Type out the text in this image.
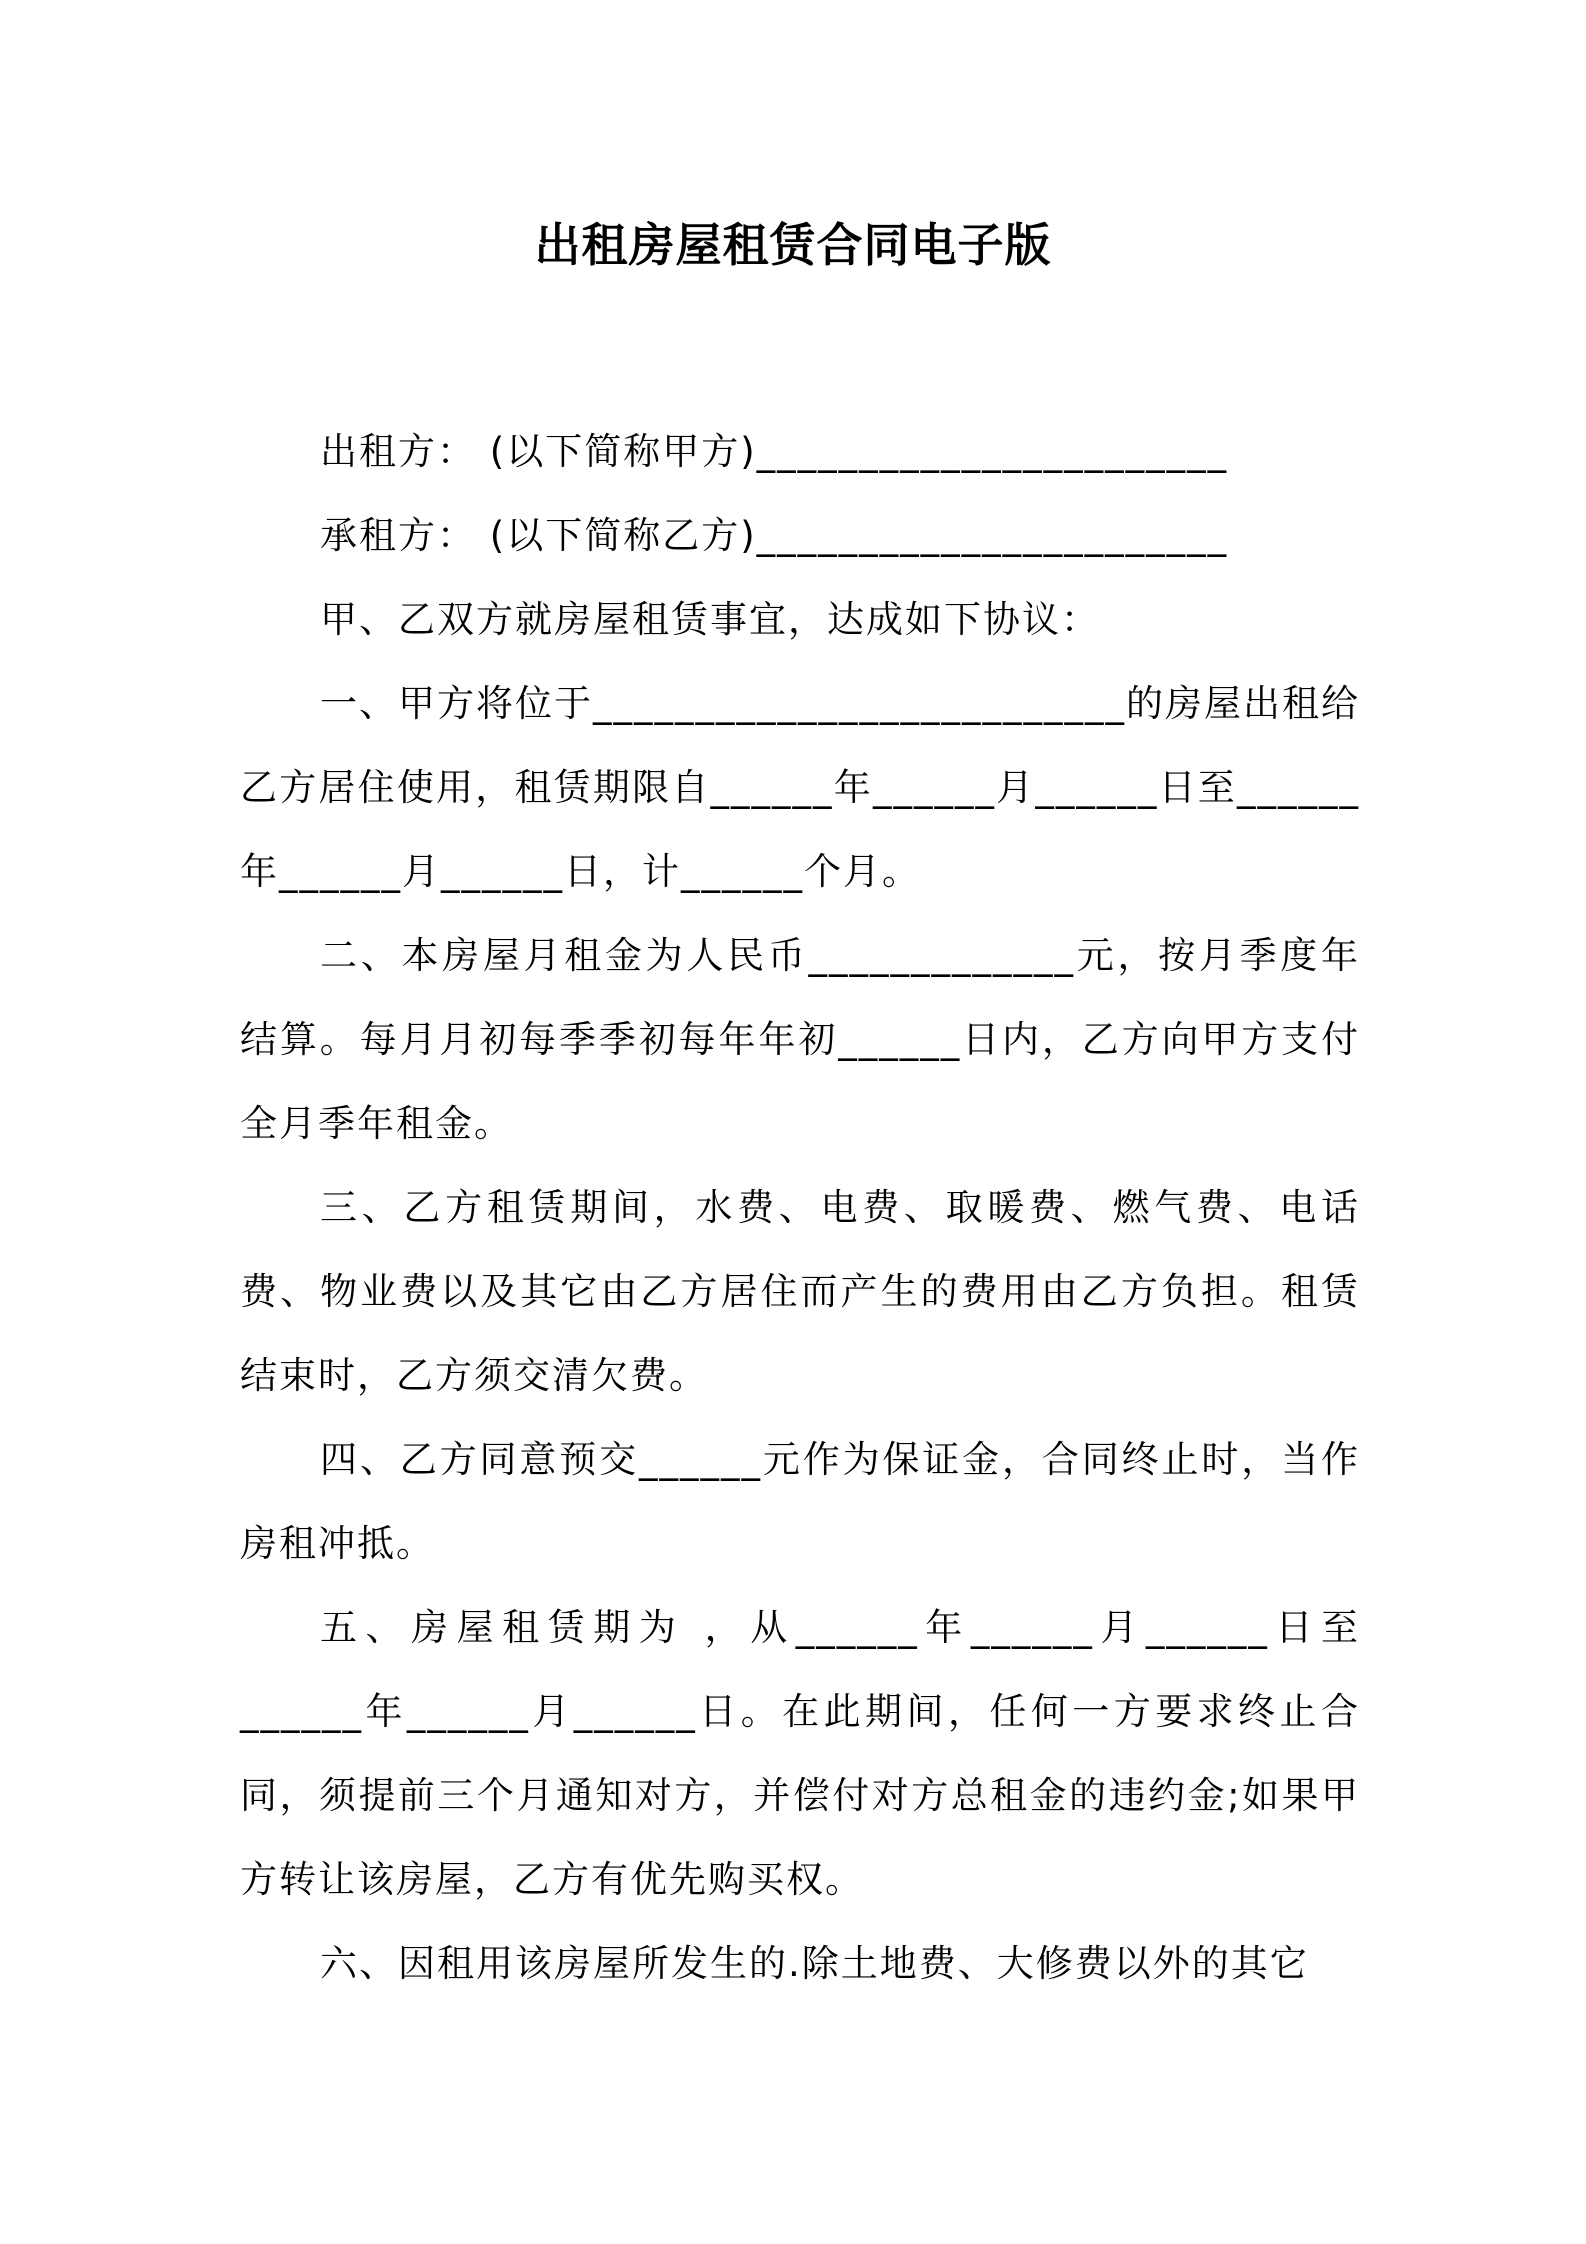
出租房屋租赁合同电子版

出租方： (以下简称甲方)_______________________

承租方： (以下简称乙方)_______________________

甲、乙双方就房屋租赁事宜，达成如下协议：

一、甲方将位于__________________________的房屋出租给乙方居住使用，租赁期限自______年______月______日至______年______月______日，计______个月。

二、本房屋月租金为人民币_____________元，按月季度年结算。每月月初每季季初每年年初______日内，乙方向甲方支付全月季年租金。

三、乙方租赁期间，水费、电费、取暖费、燃气费、电话费、物业费以及其它由乙方居住而产生的费用由乙方负担。租赁结束时，乙方须交清欠费。

四、乙方同意预交______元作为保证金，合同终止时，当作房租冲抵。

五、房屋租赁期为 ，从______年______月______日至______年______月______日。在此期间，任何一方要求终止合同，须提前三个月通知对方，并偿付对方总租金的违约金;如果甲方转让该房屋，乙方有优先购买权。

六、因租用该房屋所发生的.除土地费、大修费以外的其它
